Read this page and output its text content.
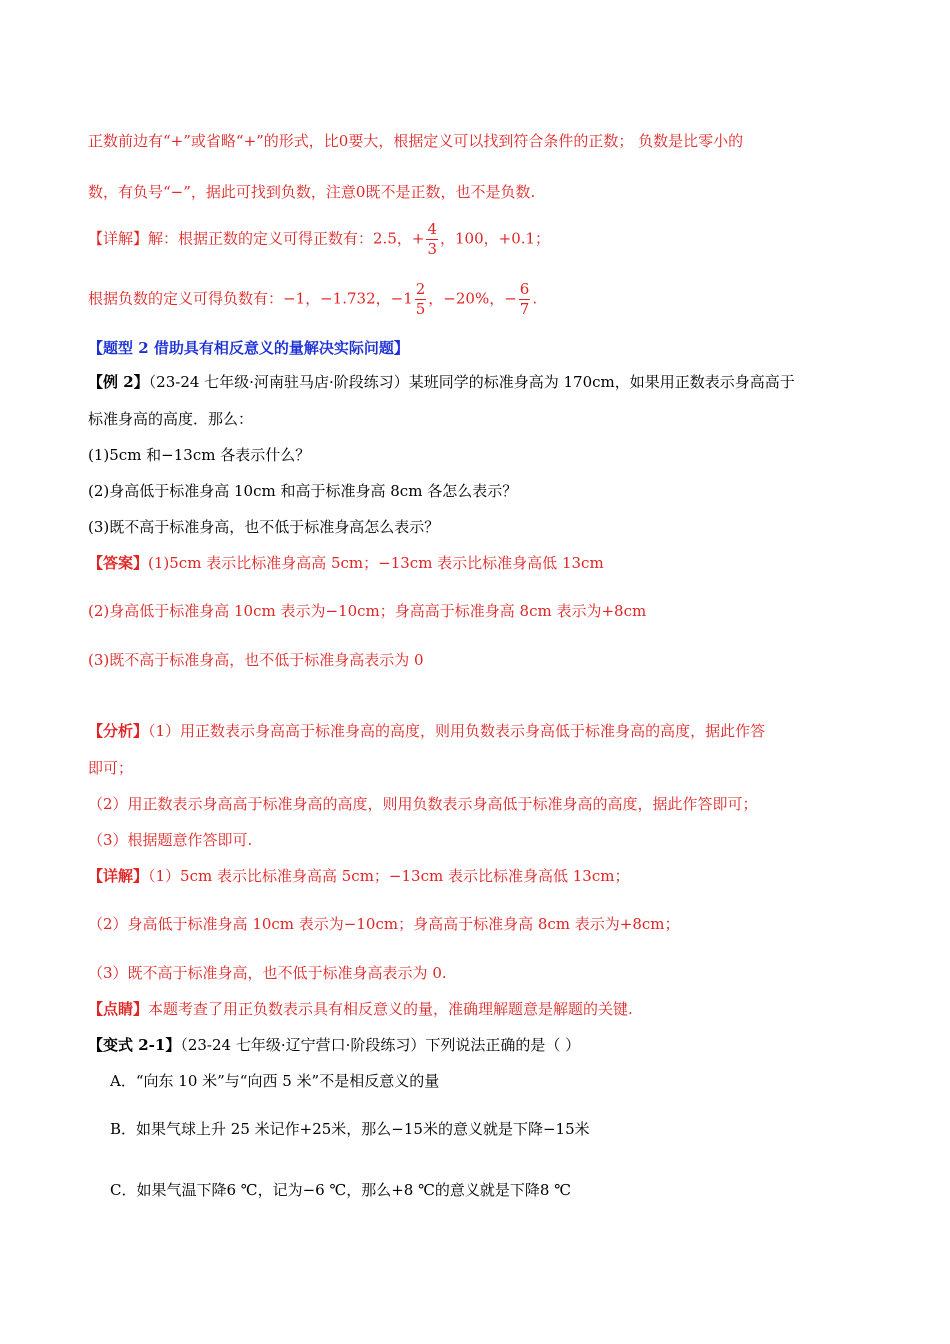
正数前边有“+”或省略“+”的形式，比0要大，根据定义可以找到符合条件的正数； 负数是比零小的
数，有负号“−”，据此可找到负数，注意0既不是正数，也不是负数.
【详解】解：根据正数的定义可得正数有：2.5，+ $\frac{4}{3}$ ，100，+0.1；
根据负数的定义可得负数有：−1，−1.732，$-1 \frac{2}{5}$ ，−20%，− $\frac{6}{7}$ .
【题型 2 借助具有相反意义的量解决实际问题】
【例 2】（23-24 七年级·河南驻马店·阶段练习）某班同学的标准身高为 170cm，如果用正数表示身高高于
标准身高的高度．那么：
(1)5cm 和−13cm 各表示什么？
(2)身高低于标准身高 10cm 和高于标准身高 8cm 各怎么表示？
(3)既不高于标准身高，也不低于标准身高怎么表示？
【答案】(1)5cm 表示比标准身高高 5cm；−13cm 表示比标准身高低 13cm
(2)身高低于标准身高 10cm 表示为−10cm；身高高于标准身高 8cm 表示为+8cm
(3)既不高于标准身高，也不低于标准身高表示为 0
【分析】（1）用正数表示身高高于标准身高的高度，则用负数表示身高低于标准身高的高度，据此作答
即可；
（2）用正数表示身高高于标准身高的高度，则用负数表示身高低于标准身高的高度，据此作答即可；
（3）根据题意作答即可.
【详解】（1）5cm 表示比标准身高高 5cm；−13cm 表示比标准身高低 13cm；
（2）身高低于标准身高 10cm 表示为−10cm；身高高于标准身高 8cm 表示为+8cm；
（3）既不高于标准身高，也不低于标准身高表示为 0.
【点睛】本题考查了用正负数表示具有相反意义的量，准确理解题意是解题的关键.
【变式 2-1】（23-24 七年级·辽宁营口·阶段练习）下列说法正确的是（ ）
A．“向东 10 米”与“向西 5 米”不是相反意义的量
B．如果气球上升 25 米记作+25米，那么−15米的意义就是下降−15米
C．如果气温下降6 ℃，记为−6 ℃，那么+8 ℃的意义就是下降8 ℃
